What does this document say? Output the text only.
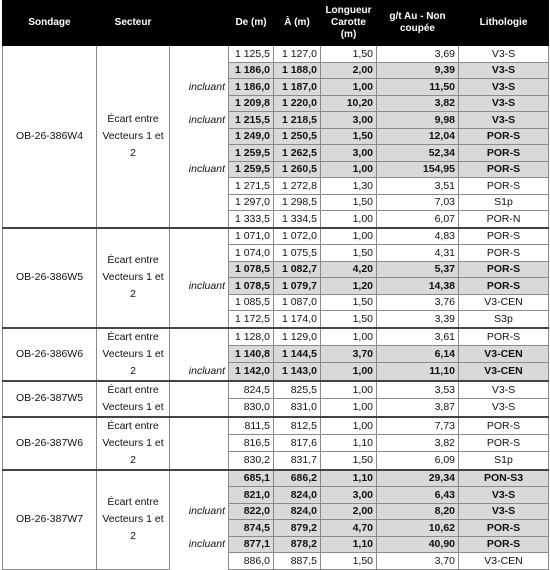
Sondage	Secteur		De (m)	À (m)	Longueur Carotte (m)	g/t Au - Non coupée	Lithologie
OB-26-386W4	Écart entre Vecteurs 1 et 2		1 125,5	1 127,0	1,50	3,69	V3-S
			1 186,0	1 188,0	2,00	9,39	V3-S
		incluant	1 186,0	1 187,0	1,00	11,50	V3-S
			1 209,8	1 220,0	10,20	3,82	V3-S
		incluant	1 215,5	1 218,5	3,00	9,98	V3-S
			1 249,0	1 250,5	1,50	12,04	POR-S
			1 259,5	1 262,5	3,00	52,34	POR-S
		incluant	1 259,5	1 260,5	1,00	154,95	POR-S
			1 271,5	1 272,8	1,30	3,51	POR-S
			1 297,0	1 298,5	1,50	7,03	S1p
			1 333,5	1 334,5	1,00	6,07	POR-N
OB-26-386W5	Écart entre Vecteurs 1 et 2		1 071,0	1 072,0	1,00	4,83	POR-S
			1 074,0	1 075,5	1,50	4,31	POR-S
			1 078,5	1 082,7	4,20	5,37	POR-S
		incluant	1 078,5	1 079,7	1,20	14,38	POR-S
			1 085,5	1 087,0	1,50	3,76	V3-CEN
			1 172,5	1 174,0	1,50	3,39	S3p
OB-26-386W6	Écart entre Vecteurs 1 et 2		1 128,0	1 129,0	1,00	3,61	POR-S
			1 140,8	1 144,5	3,70	6,14	V3-CEN
		incluant	1 142,0	1 143,0	1,00	11,10	V3-CEN
OB-26-387W5	Écart entre Vecteurs 1 et		824,5	825,5	1,00	3,53	V3-S
			830,0	831,0	1,00	3,87	V3-S
OB-26-387W6	Écart entre Vecteurs 1 et 2		811,5	812,5	1,00	7,73	POR-S
			816,5	817,6	1,10	3,82	POR-S
			830,2	831,7	1,50	6,09	S1p
OB-26-387W7	Écart entre Vecteurs 1 et 2		685,1	686,2	1,10	29,34	PON-S3
			821,0	824,0	3,00	6,43	V3-S
		incluant	822,0	824,0	2,00	8,20	V3-S
			874,5	879,2	4,70	10,62	POR-S
		incluant	877,1	878,2	1,10	40,90	POR-S
			886,0	887,5	1,50	3,70	V3-CEN
